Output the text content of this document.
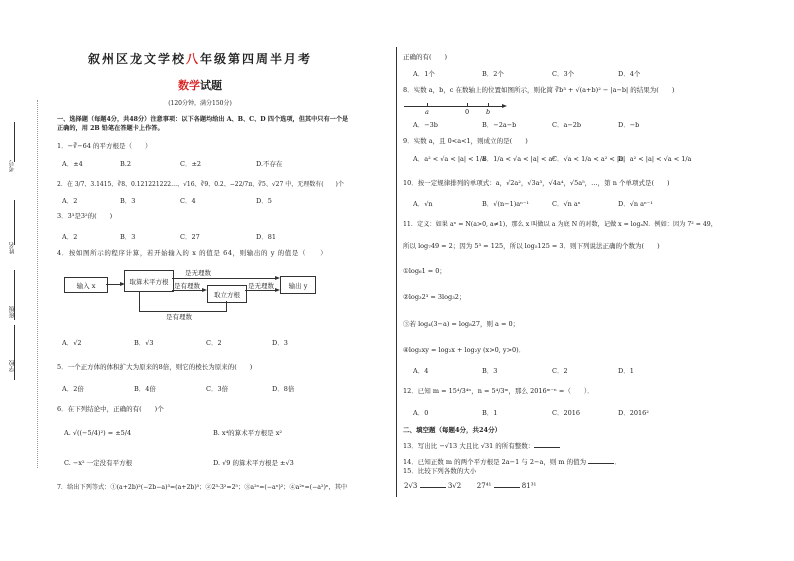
考号
姓名
班级
学校
叙州区龙文学校八年级第四周半月考
数学试题
(120分钟，满分150分)
一、选择题（每题4分，共48分）注意事项：以下各题均给出 A、B、C、D 四个选项，但其中只有一个是
正确的，用 2B 铅笔在答题卡上作答。
1．−∛−64 的平方根是（　　）
A．±4	B.2	C．±2	D.不存在
2．在 3/7、3.1415、∛8、0.121221222…、√16、∛9、0.2、−22/7π、∛5、√27 中，无理数有(　　)个
A．2	B．3	C．4	D．5
3．3³是3²的(　　)
A．2	B．3	C．27	D．81
4．按如图所示的程序计算，若开始输入的 x 的值是 64，则输出的 y 的值是（　　）
输入 x	取算术平方根
是无理数
是有理数
取立方根
是无理数	输出 y
是有理数
A．√2	B．√3	C．2	D．3
5．一个正方体的体积扩大为原来的8倍，则它的棱长为原来的(　　)
A．2倍	B．4倍	C．3倍	D．8倍
6．在下列结论中，正确的有(　　)个
A. √((−5/4)²) = ±5/4	B. x⁴的算术平方根是 x²
C. −x² 一定没有平方根	D. √9 的算术平方根是 ±√3
7．给出下列等式：①(a+2b)²(−2b−a)³=(a+2b)⁵；②2³·3²=2⁵；③a²ⁿ=(−aⁿ)²；④a²ⁿ=(−a²)ⁿ，其中
正确的有(　　)
A．1个	B．2个	C．3个	D．4个
8．实数 a，b，c 在数轴上的位置如图所示，则化简 ∛b³ + √(a+b)² − |a−b| 的结果为(　　)
a	0	b
A．−3b	B．−2a−b	C．a−2b	D．−b
9．实数 a，且 0<a<1，则成立的是(　　)
A．a² < √a < |a| < 1/a
B．1/a < √a < |a| < a²
C．√a < 1/a < a² < |a|
D．a² < |a| < √a < 1/a
10．按一定规律排列的单项式：a，√2a²，√3a³，√4a⁴，√5a⁵，…，第 n 个单项式是(　　)
A．√n	B．√(n−1)aⁿ⁻¹	C．√n aⁿ	D．√n aⁿ⁻¹
11．定义：如果 aˣ = N(a>0, a≠1)，那么 x 叫做以 a 为底 N 的对数，记做 x = logₐN．例如：因为 7² = 49，
所以 log₇49 = 2；因为 5³ = 125，所以 log₅125 = 3．则下列说法正确的个数为(　　)
①log₆1 = 0；
②log₃2³ = 3log₃2；
③若 log₄(3−a) = log₈27，则 a = 0；
④log₂xy = log₂x + log₂y (x>0, y>0)．
A．4	B．3	C．2	D．1
12．已知 m = 15⁴/3⁴ⁿ，n = 5⁴/3ᵐ，那么 2016ᵐ⁻ⁿ =（　　）．
A．0	B．1	C．2016	D．2016²
二、填空题（每题4分，共24分）
13．写出比 −√13 大且比 √31 的所有整数：
14．已知正数 m 的两个平方根是 2a−1 与 2−a，则 m 的值为	．
15．比较下列各数的大小
2√3	3√2 27⁴¹	81³¹
